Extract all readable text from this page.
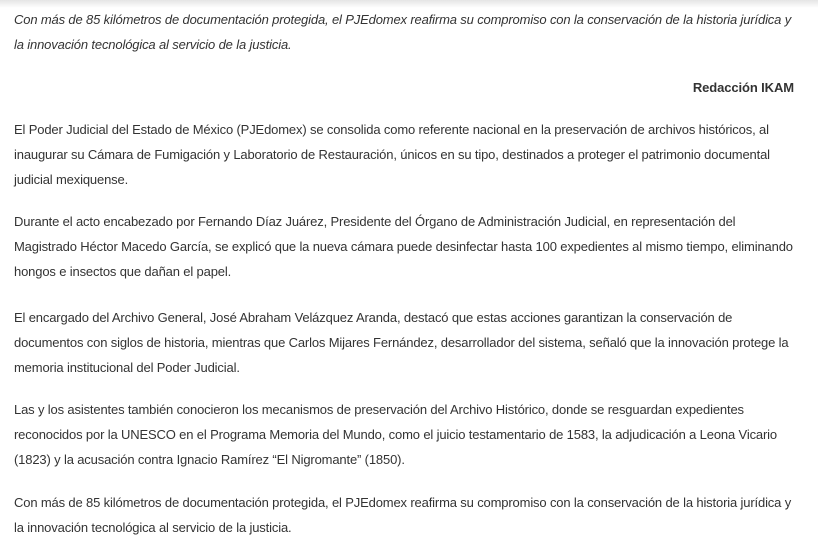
Con más de 85 kilómetros de documentación protegida, el PJEdomex reafirma su compromiso con la conservación de la historia jurídica y la innovación tecnológica al servicio de la justicia.

Redacción IKAM

El Poder Judicial del Estado de México (PJEdomex) se consolida como referente nacional en la preservación de archivos históricos, al inaugurar su Cámara de Fumigación y Laboratorio de Restauración, únicos en su tipo, destinados a proteger el patrimonio documental judicial mexiquense.

Durante el acto encabezado por Fernando Díaz Juárez, Presidente del Órgano de Administración Judicial, en representación del Magistrado Héctor Macedo García, se explicó que la nueva cámara puede desinfectar hasta 100 expedientes al mismo tiempo, eliminando hongos e insectos que dañan el papel.

El encargado del Archivo General, José Abraham Velázquez Aranda, destacó que estas acciones garantizan la conservación de documentos con siglos de historia, mientras que Carlos Mijares Fernández, desarrollador del sistema, señaló que la innovación protege la memoria institucional del Poder Judicial.

Las y los asistentes también conocieron los mecanismos de preservación del Archivo Histórico, donde se resguardan expedientes reconocidos por la UNESCO en el Programa Memoria del Mundo, como el juicio testamentario de 1583, la adjudicación a Leona Vicario (1823) y la acusación contra Ignacio Ramírez “El Nigromante” (1850).

Con más de 85 kilómetros de documentación protegida, el PJEdomex reafirma su compromiso con la conservación de la historia jurídica y la innovación tecnológica al servicio de la justicia.
